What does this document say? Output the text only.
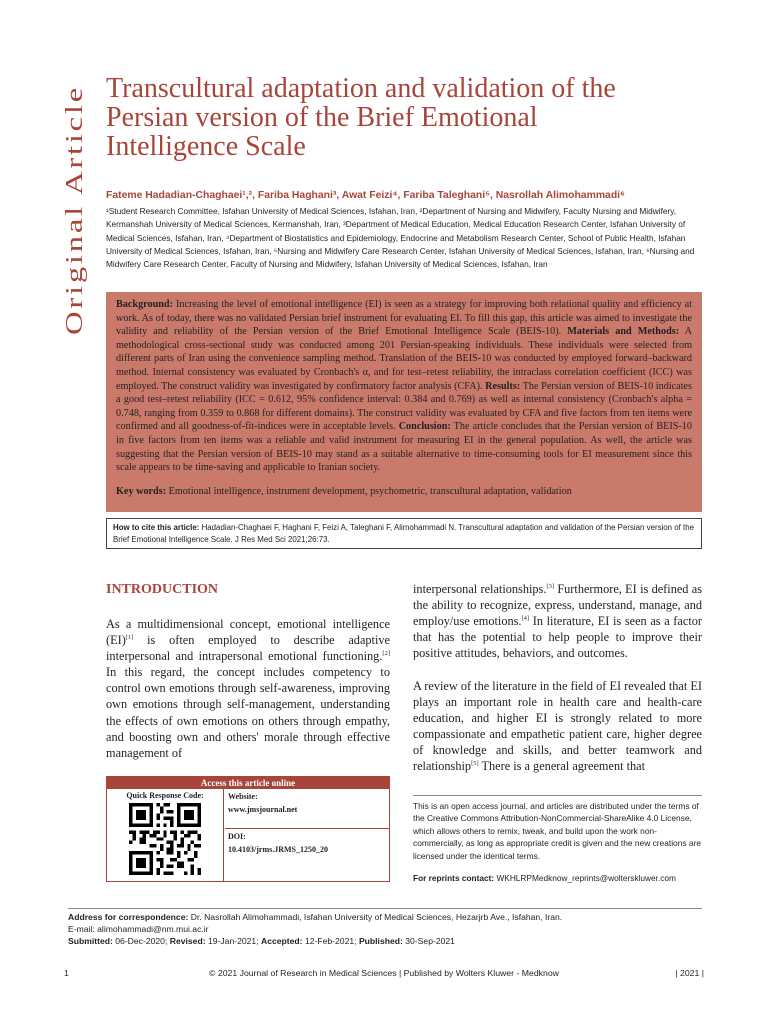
Original Article
Transcultural adaptation and validation of the Persian version of the Brief Emotional Intelligence Scale
Fateme Hadadian-Chaghaei¹,², Fariba Haghani³, Awat Feizi⁴, Fariba Taleghani⁵, Nasrollah Alimohammadi⁶
¹Student Research Committee, Isfahan University of Medical Sciences, Isfahan, Iran, ²Department of Nursing and Midwifery, Faculty Nursing and Midwifery, Kermanshah University of Medical Sciences, Kermanshah, Iran, ³Department of Medical Education, Medical Education Research Center, Isfahan University of Medical Sciences, Isfahan, Iran, ⁴Department of Biostatistics and Epidemiology, Endocrine and Metabolism Research Center, School of Public Health, Isfahan University of Medical Sciences, Isfahan, Iran, ⁵Nursing and Midwifery Care Research Center, Isfahan University of Medical Sciences, Isfahan, Iran, ⁶Nursing and Midwifery Care Research Center, Faculty of Nursing and Midwifery, Isfahan University of Medical Sciences, Isfahan, Iran

Background: Increasing the level of emotional intelligence (EI) is seen as a strategy for improving both relational quality and efficiency at work. As of today, there was no validated Persian brief instrument for evaluating EI. To fill this gap, this article was aimed to investigate the validity and reliability of the Persian version of the Brief Emotional Intelligence Scale (BEIS-10). Materials and Methods: A methodological cross-sectional study was conducted among 201 Persian-speaking individuals. These individuals were selected from different parts of Iran using the convenience sampling method. Translation of the BEIS-10 was conducted by employed forward–backward method. Internal consistency was evaluated by Cronbach's α, and for test–retest reliability, the intraclass correlation coefficient (ICC) was employed. The construct validity was investigated by confirmatory factor analysis (CFA). Results: The Persian version of BEIS-10 indicates a good test–retest reliability (ICC = 0.612, 95% confidence interval: 0.384 and 0.769) as well as internal consistency (Cronbach's alpha = 0.748, ranging from 0.359 to 0.868 for different domains). The construct validity was evaluated by CFA and five factors from ten items were confirmed and all goodness-of-fit-indices were in acceptable levels. Conclusion: The article concludes that the Persian version of BEIS-10 in five factors from ten items was a reliable and valid instrument for measuring EI in the general population. As well, the article was suggesting that the Persian version of BEIS-10 may stand as a suitable alternative to time-consuming tools for EI measurement since this scale appears to be time-saving and applicable to Iranian society.

Key words: Emotional intelligence, instrument development, psychometric, transcultural adaptation, validation
How to cite this article: Hadadian-Chaghaei F, Haghani F, Feizi A, Taleghani F, Alimohammadi N. Transcultural adaptation and validation of the Persian version of the Brief Emotional Intelligence Scale. J Res Med Sci 2021;26:73.
INTRODUCTION

As a multidimensional concept, emotional intelligence (EI)[1] is often employed to describe adaptive interpersonal and intrapersonal emotional functioning.[2] In this regard, the concept includes competency to control own emotions through self-awareness, improving own emotions through self-management, understanding the effects of own emotions on others through empathy, and boosting own and others' morale through effective management of

interpersonal relationships.[3] Furthermore, EI is defined as the ability to recognize, express, understand, manage, and employ/use emotions.[4] In literature, EI is seen as a factor that has the potential to help people to improve their positive attitudes, behaviors, and outcomes.

A review of the literature in the field of EI revealed that EI plays an important role in health care and health-care education, and higher EI is strongly related to more compassionate and empathetic patient care, higher degree of knowledge and skills, and better teamwork and relationship[5] There is a general agreement that

Access this article online
Quick Response Code:	Website:
www.jmsjournal.net
DOI:
10.4103/jrms.JRMS_1250_20

This is an open access journal, and articles are distributed under the terms of the Creative Commons Attribution-NonCommercial-ShareAlike 4.0 License, which allows others to remix, tweak, and build upon the work non-commercially, as long as appropriate credit is given and the new creations are licensed under the identical terms.

For reprints contact: WKHLRPMedknow_reprints@wolterskluwer.com
Address for correspondence: Dr. Nasrollah Alimohammadi, Isfahan University of Medical Sciences, Hezarjrb Ave., Isfahan, Iran.
E-mail: alimohammadi@nm.mui.ac.ir
Submitted: 06-Dec-2020; Revised: 19-Jan-2021; Accepted: 12-Feb-2021; Published: 30-Sep-2021
1	© 2021 Journal of Research in Medical Sciences | Published by Wolters Kluwer - Medknow	| 2021 |
